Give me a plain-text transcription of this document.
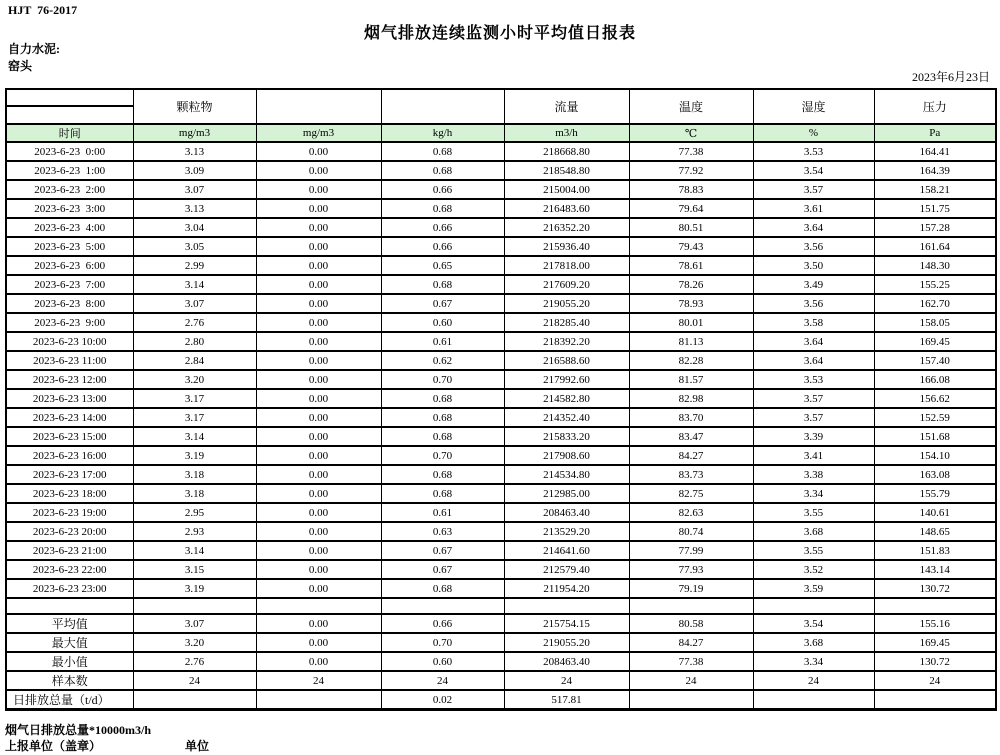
HJT  76-2017
烟气排放连续监测小时平均值日报表
自力水泥:
窑头
2023年6月23日
	颗粒物			流量	温度	湿度	压力

时间	mg/m3	mg/m3	kg/h	m3/h	℃	%	Pa
2023-6-23  0:00	3.13	0.00	0.68	218668.80	77.38	3.53	164.41
2023-6-23  1:00	3.09	0.00	0.68	218548.80	77.92	3.54	164.39
2023-6-23  2:00	3.07	0.00	0.66	215004.00	78.83	3.57	158.21
2023-6-23  3:00	3.13	0.00	0.68	216483.60	79.64	3.61	151.75
2023-6-23  4:00	3.04	0.00	0.66	216352.20	80.51	3.64	157.28
2023-6-23  5:00	3.05	0.00	0.66	215936.40	79.43	3.56	161.64
2023-6-23  6:00	2.99	0.00	0.65	217818.00	78.61	3.50	148.30
2023-6-23  7:00	3.14	0.00	0.68	217609.20	78.26	3.49	155.25
2023-6-23  8:00	3.07	0.00	0.67	219055.20	78.93	3.56	162.70
2023-6-23  9:00	2.76	0.00	0.60	218285.40	80.01	3.58	158.05
2023-6-23 10:00	2.80	0.00	0.61	218392.20	81.13	3.64	169.45
2023-6-23 11:00	2.84	0.00	0.62	216588.60	82.28	3.64	157.40
2023-6-23 12:00	3.20	0.00	0.70	217992.60	81.57	3.53	166.08
2023-6-23 13:00	3.17	0.00	0.68	214582.80	82.98	3.57	156.62
2023-6-23 14:00	3.17	0.00	0.68	214352.40	83.70	3.57	152.59
2023-6-23 15:00	3.14	0.00	0.68	215833.20	83.47	3.39	151.68
2023-6-23 16:00	3.19	0.00	0.70	217908.60	84.27	3.41	154.10
2023-6-23 17:00	3.18	0.00	0.68	214534.80	83.73	3.38	163.08
2023-6-23 18:00	3.18	0.00	0.68	212985.00	82.75	3.34	155.79
2023-6-23 19:00	2.95	0.00	0.61	208463.40	82.63	3.55	140.61
2023-6-23 20:00	2.93	0.00	0.63	213529.20	80.74	3.68	148.65
2023-6-23 21:00	3.14	0.00	0.67	214641.60	77.99	3.55	151.83
2023-6-23 22:00	3.15	0.00	0.67	212579.40	77.93	3.52	143.14
2023-6-23 23:00	3.19	0.00	0.68	211954.20	79.19	3.59	130.72

平均值	3.07	0.00	0.66	215754.15	80.58	3.54	155.16
最大值	3.20	0.00	0.70	219055.20	84.27	3.68	169.45
最小值	2.76	0.00	0.60	208463.40	77.38	3.34	130.72
样本数	24	24	24	24	24	24	24
日排放总量（t/d）			0.02	517.81			
烟气日排放总量*10000m3/h
上报单位（盖章）	单位
